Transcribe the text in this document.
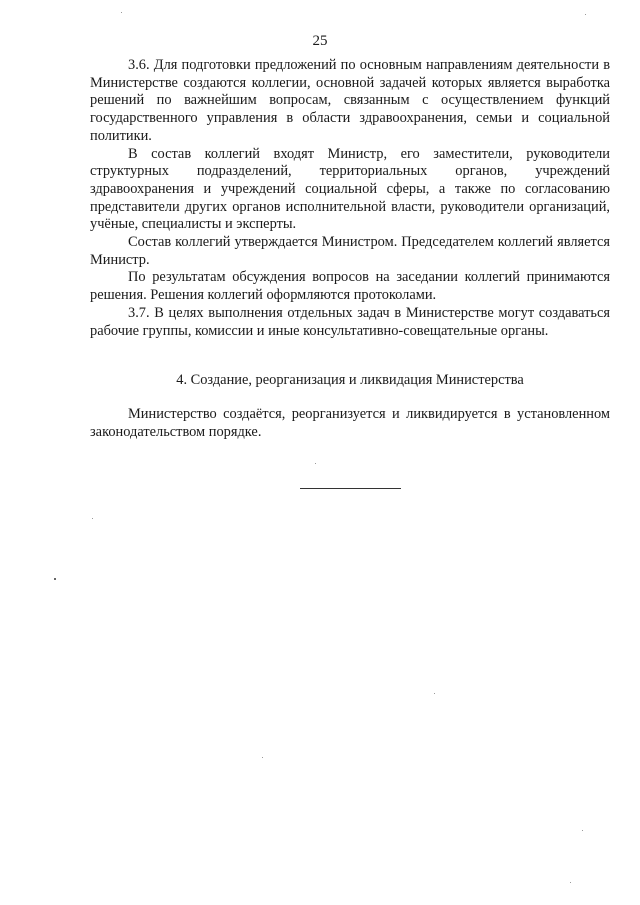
25

3.6. Для подготовки предложений по основным направлениям деятельности в Министерстве создаются коллегии, основной задачей которых является выработка решений по важнейшим вопросам, связанным с осуществлением функций государственного управления в области здравоохранения, семьи и социальной политики.

В состав коллегий входят Министр, его заместители, руководители структурных подразделений, территориальных органов, учреждений здравоохранения и учреждений социальной сферы, а также по согласованию представители других органов исполнительной власти, руководители организаций, учёные, специалисты и эксперты.

Состав коллегий утверждается Министром. Председателем коллегий является Министр.

По результатам обсуждения вопросов на заседании коллегий принимаются решения. Решения коллегий оформляются протоколами.

3.7. В целях выполнения отдельных задач в Министерстве могут создаваться рабочие группы, комиссии и иные консультативно-совещательные органы.

4. Создание, реорганизация и ликвидация Министерства

Министерство создаётся, реорганизуется и ликвидируется в установленном законодательством порядке.
